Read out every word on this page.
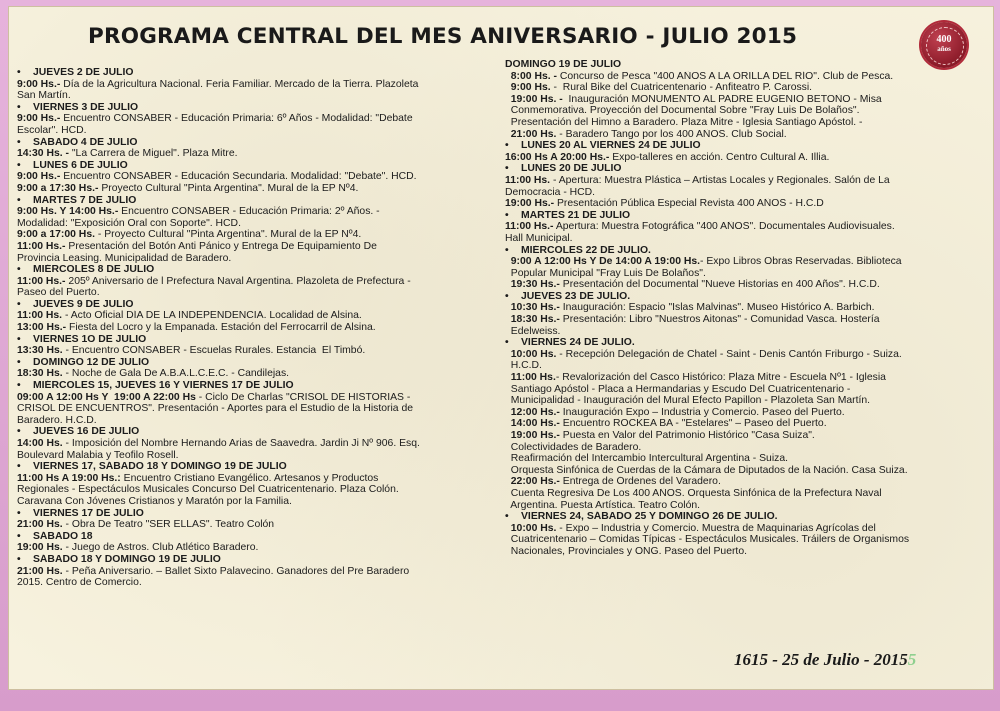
PROGRAMA CENTRAL DEL MES ANIVERSARIO - JULIO 2015	400
años
• JUEVES 2 DE JULIO
9:00 Hs.- Día de la Agricultura Nacional. Feria Familiar. Mercado de la Tierra. Plazoleta
San Martín.
• VIERNES 3 DE JULIO
9:00 Hs.- Encuentro CONSABER - Educación Primaria: 6º Años - Modalidad: "Debate
Escolar". HCD.
• SÁBADO 4 DE JULIO
14:30 Hs. - "La Carrera de Miguel". Plaza Mitre.
• LUNES 6 DE JULIO
9:00 Hs.- Encuentro CONSABER - Educación Secundaria. Modalidad: "Debate". HCD.
9:00 a 17:30 Hs.- Proyecto Cultural "Pinta Argentina". Mural de la EP Nº4.
• MARTES 7 DE JULIO
9:00 Hs. Y 14:00 Hs.- Encuentro CONSABER - Educación Primaria: 2º Años. -
Modalidad: "Exposición Oral con Soporte". HCD.
9:00 a 17:00 Hs. - Proyecto Cultural "Pinta Argentina". Mural de la EP Nº4.
11:00 Hs.- Presentación del Botón Anti Pánico y Entrega De Equipamiento De
Provincia Leasing. Municipalidad de Baradero.
• MIÉRCOLES 8 DE JULIO
11:00 Hs.- 205º Aniversario de l Prefectura Naval Argentina. Plazoleta de Prefectura -
Paseo del Puerto.
• JUEVES 9 DE JULIO
11:00 Hs. - Acto Oficial DÍA DE LA INDEPENDENCIA. Localidad de Alsina.
13:00 Hs.- Fiesta del Locro y la Empanada. Estación del Ferrocarril de Alsina.
• VIERNES 1O DE JULIO
13:30 Hs. - Encuentro CONSABER - Escuelas Rurales. Estancia  El Timbó.
• DOMINGO 12 DE JULIO
18:30 Hs. - Noche de Gala De A.B.A.L.C.E.C. - Candilejas.
• MIÉRCOLES 15, JUEVES 16 Y VIERNES 17 DE JULIO
09:00 A 12:00 Hs Y  19:00 A 22:00 Hs - Ciclo De Charlas "CRISOL DE HISTORIAS -
CRISOL DE ENCUENTROS". Presentación - Aportes para el Estudio de la Historia de
Baradero. H.C.D.
• JUEVES 16 DE JULIO
14:00 Hs. - Imposición del Nombre Hernando Arias de Saavedra. Jardin Ji Nº 906. Esq.
Boulevard Malabia y Teofilo Rosell.
• VIERNES 17, SÁBADO 18 Y DOMINGO 19 DE JULIO
11:00 Hs A 19:00 Hs.: Encuentro Cristiano Evangélico. Artesanos y Productos
Regionales - Espectáculos Musicales Concurso Del Cuatricentenario. Plaza Colón.
Caravana Con Jóvenes Cristianos y Maratón por la Familia.
• VIERNES 17 DE JULIO
21:00 Hs. - Obra De Teatro "SER ELLAS". Teatro Colón
• SÁBADO 18
19:00 Hs. - Juego de Astros. Club Atlético Baradero.
• SÁBADO 18 Y DOMINGO 19 DE JULIO
21:00 Hs. - Peña Aniversario. – Ballet Sixto Palavecino. Ganadores del Pre Baradero
2015. Centro de Comercio.
DOMINGO 19 DE JULIO
8:00 Hs. - Concurso de Pesca "400 AÑOS A LA ORILLA DEL RÍO". Club de Pesca.
9:00 Hs. -  Rural Bike del Cuatricentenario - Anfiteatro P. Carossi.
19:00 Hs. -  Inauguración MONUMENTO AL PADRE EUGENIO BETOÑO - Misa
Conmemorativa. Proyección del Documental Sobre "Fray Luis De Bolaños".
Presentación del Himno a Baradero. Plaza Mitre - Iglesia Santiago Apóstol. -
21:00 Hs. - Baradero Tango por los 400 AÑOS. Club Social.
• LUNES 20 AL VIERNES 24 DE JULIO
16:00 Hs A 20:00 Hs.- Expo-talleres en acción. Centro Cultural A. Illia.
• LUNES 20 DE JULIO
11:00 Hs. - Apertura: Muestra Plástica – Artistas Locales y Regionales. Salón de La
Democracia - HCD.
19:00 Hs.- Presentación Pública Especial Revista 400 AÑOS - H.C.D
• MARTES 21 DE JULIO
11:00 Hs.- Apertura: Muestra Fotográfica "400 AÑOS". Documentales Audiovisuales.
Hall Municipal.
• MIÉRCOLES 22 DE JULIO.
9:00 A 12:00 Hs Y De 14:00 A 19:00 Hs.- Expo Libros Obras Reservadas. Biblioteca
Popular Municipal "Fray Luis De Bolaños".
19:30 Hs.- Presentación del Documental "Nueve Historias en 400 Años". H.C.D.
• JUEVES 23 DE JULIO.
10:30 Hs.- Inauguración: Espacio "Islas Malvinas". Museo Histórico A. Barbich.
18:30 Hs.- Presentación: Libro "Nuestros Aitonas" - Comunidad Vasca. Hostería
Edelweiss.
• VIERNES 24 DE JULIO.
10:00 Hs. - Recepción Delegación de Chatel - Saint - Denis Cantón Friburgo - Suiza.
H.C.D.
11:00 Hs.- Revalorización del Casco Histórico: Plaza Mitre - Escuela Nº1 - Iglesia
Santiago Apóstol - Placa a Hermandarias y Escudo Del Cuatricentenario -
Municipalidad - Inauguración del Mural Efecto Papillon - Plazoleta San Martín.
12:00 Hs.- Inauguración Expo – Industria y Comercio. Paseo del Puerto.
14:00 Hs.- Encuentro ROCKEA BA - "Estelares" – Paseo del Puerto.
19:00 Hs.- Puesta en Valor del Patrimonio Histórico "Casa Suiza".
Colectividades de Baradero.
Reafirmación del Intercambio Intercultural Argentina - Suiza.
Orquesta Sinfónica de Cuerdas de la Cámara de Diputados de la Nación. Casa Suiza.
22:00 Hs.- Entrega de Órdenes del Varadero.
Cuenta Regresiva De Los 400 AÑOS. Orquesta Sinfónica de la Prefectura Naval
Argentina. Puesta Artística. Teatro Colón.
• VIERNES 24, SÁBADO 25 Y DOMINGO 26 DE JULIO.
10:00 Hs. - Expo – Industria y Comercio. Muestra de Maquinarias Agrícolas del
Cuatricentenario – Comidas Típicas - Espectáculos Musicales. Tráilers de Organismos
Nacionales, Provinciales y ONG. Paseo del Puerto.
1615 - 25 de Julio - 20155
